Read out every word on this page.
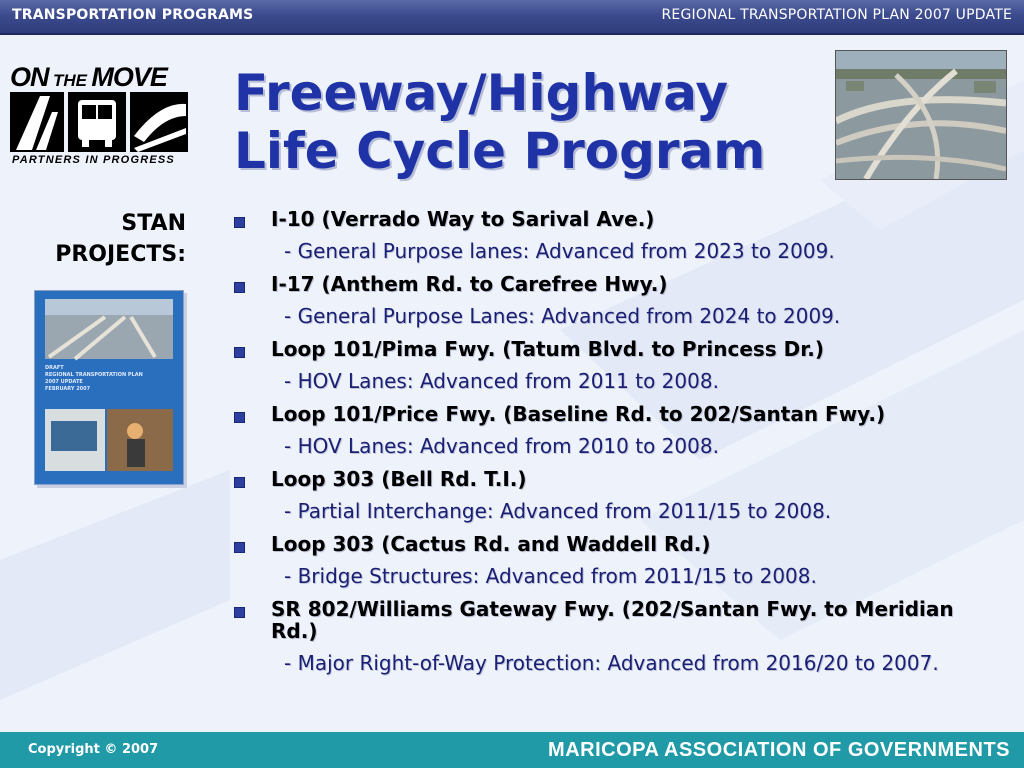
TRANSPORTATION PROGRAMS	REGIONAL TRANSPORTATION PLAN 2007 UPDATE
ON THE MOVE
PARTNERS IN PROGRESS
Freeway/Highway
Life Cycle Program
STAN
PROJECTS:
DRAFT
REGIONAL TRANSPORTATION PLAN
2007 UPDATE
FEBRUARY 2007
I-10 (Verrado Way to Sarival Ave.)
- General Purpose lanes: Advanced from 2023 to 2009.
I-17 (Anthem Rd. to Carefree Hwy.)
- General Purpose Lanes: Advanced from 2024 to 2009.
Loop 101/Pima Fwy. (Tatum Blvd. to Princess Dr.)
- HOV Lanes: Advanced from 2011 to 2008.
Loop 101/Price Fwy. (Baseline Rd. to 202/Santan Fwy.)
- HOV Lanes: Advanced from 2010 to 2008.
Loop 303 (Bell Rd. T.I.)
- Partial Interchange: Advanced from 2011/15 to 2008.
Loop 303 (Cactus Rd. and Waddell Rd.)
- Bridge Structures: Advanced from 2011/15 to 2008.
SR 802/Williams Gateway Fwy. (202/Santan Fwy. to Meridian Rd.)
- Major Right-of-Way Protection: Advanced from 2016/20 to 2007.
Copyright © 2007	MARICOPA ASSOCIATION OF GOVERNMENTS
